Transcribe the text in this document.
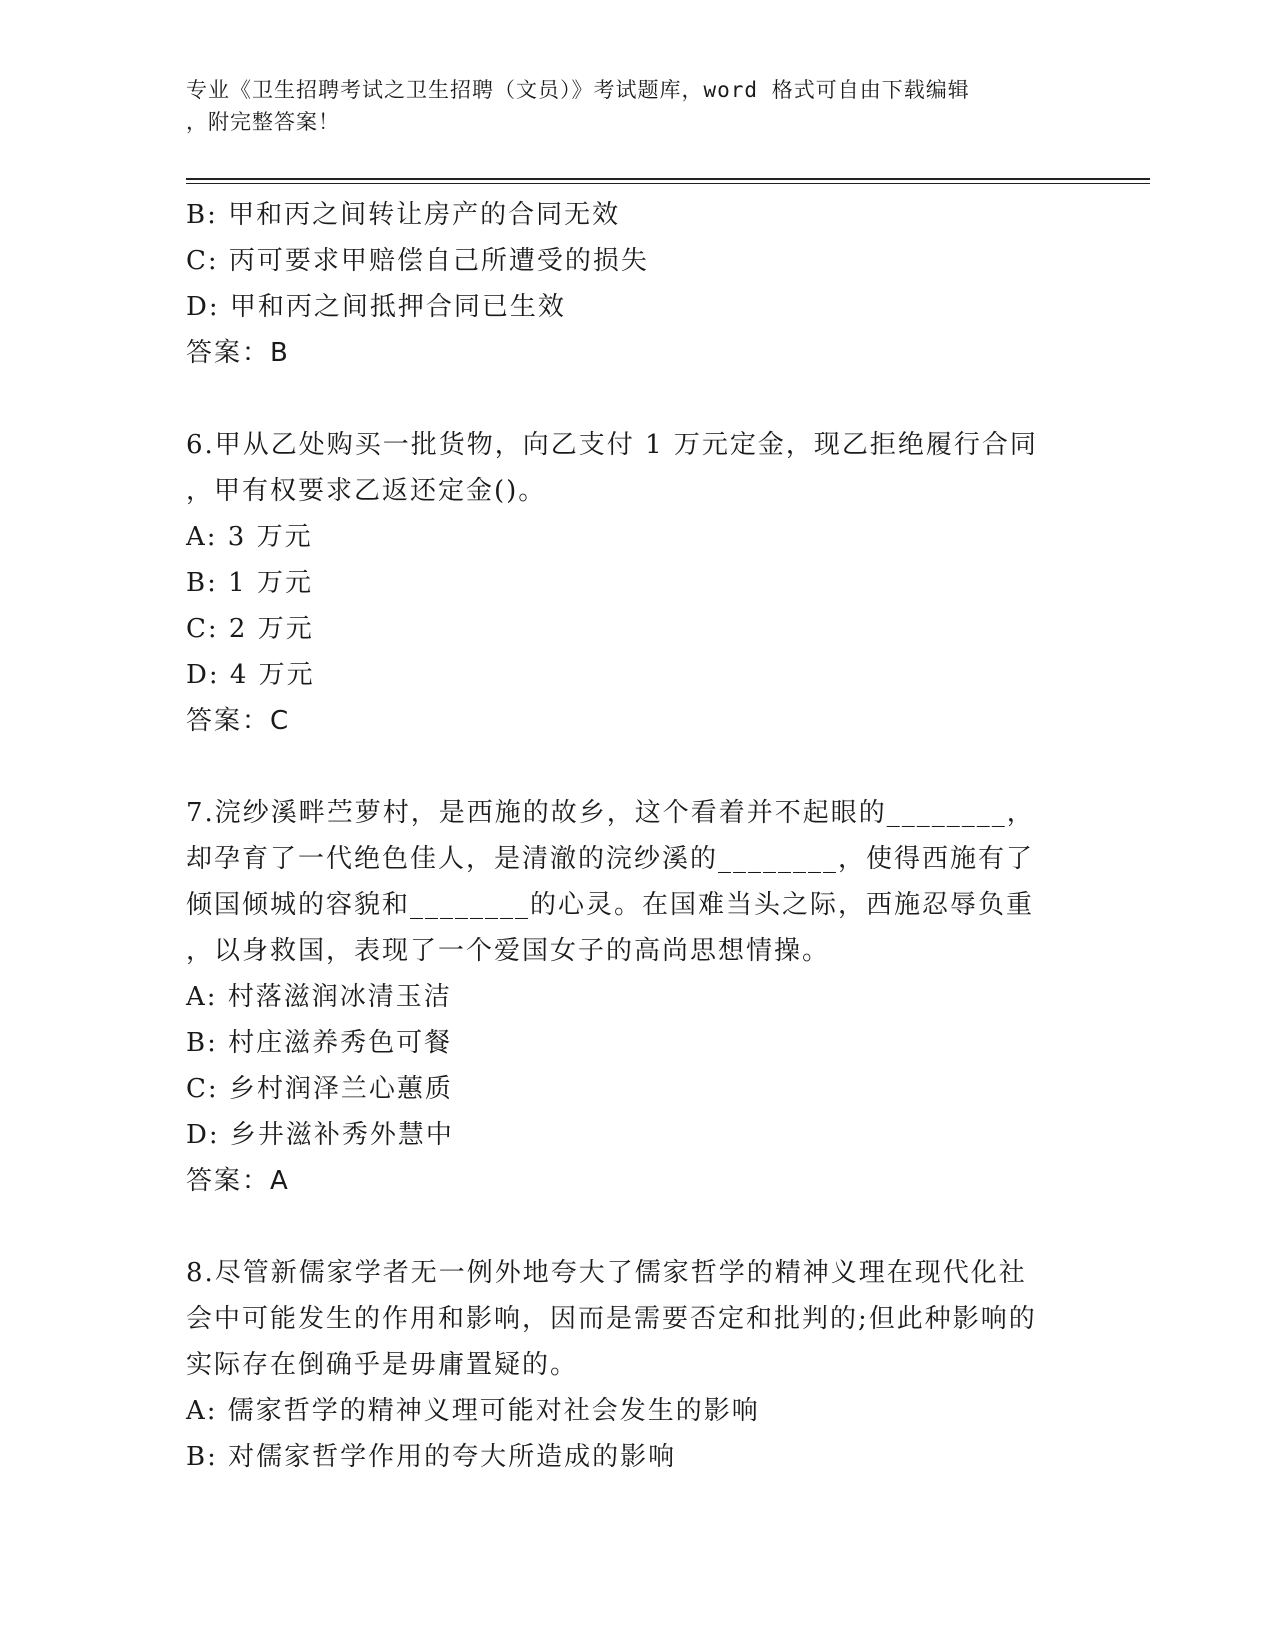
专业《卫生招聘考试之卫生招聘（文员）》考试题库，word 格式可自由下载编辑
，附完整答案！
B: 甲和丙之间转让房产的合同无效
C: 丙可要求甲赔偿自己所遭受的损失
D: 甲和丙之间抵押合同已生效
答案：B
6.甲从乙处购买一批货物，向乙支付 1 万元定金，现乙拒绝履行合同
，甲有权要求乙返还定金()。
A: 3 万元
B: 1 万元
C: 2 万元
D: 4 万元
答案：C
7.浣纱溪畔苎萝村，是西施的故乡，这个看着并不起眼的________，
却孕育了一代绝色佳人，是清澈的浣纱溪的________，使得西施有了
倾国倾城的容貌和________的心灵。在国难当头之际，西施忍辱负重
，以身救国，表现了一个爱国女子的高尚思想情操。
A: 村落滋润冰清玉洁
B: 村庄滋养秀色可餐
C: 乡村润泽兰心蕙质
D: 乡井滋补秀外慧中
答案：A
8.尽管新儒家学者无一例外地夸大了儒家哲学的精神义理在现代化社
会中可能发生的作用和影响，因而是需要否定和批判的;但此种影响的
实际存在倒确乎是毋庸置疑的。
A: 儒家哲学的精神义理可能对社会发生的影响
B: 对儒家哲学作用的夸大所造成的影响
